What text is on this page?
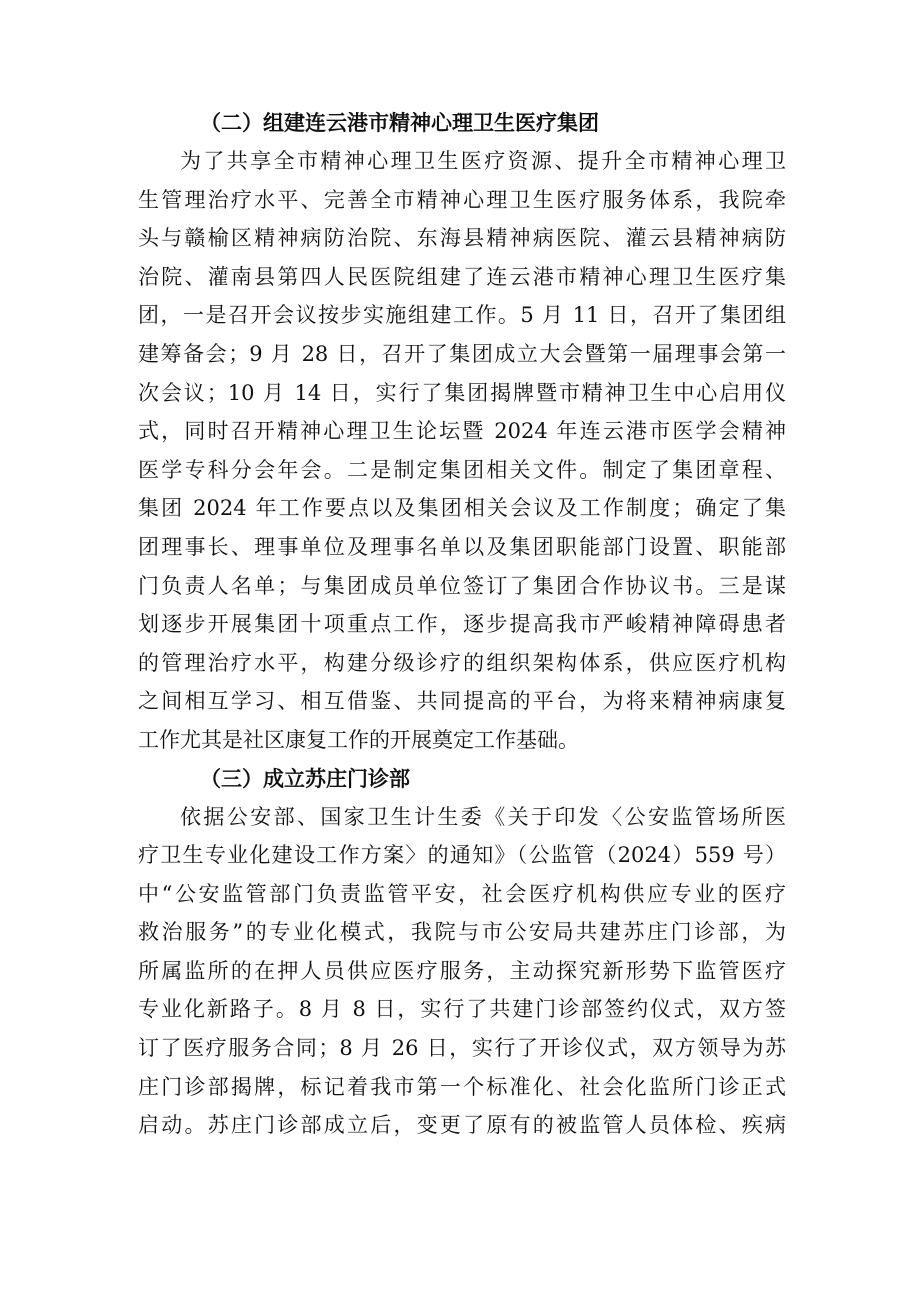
（二）组建连云港市精神心理卫生医疗集团
为了共享全市精神心理卫生医疗资源、提升全市精神心理卫
生管理治疗水平、完善全市精神心理卫生医疗服务体系，我院牵
头与赣榆区精神病防治院、东海县精神病医院、灌云县精神病防
治院、灌南县第四人民医院组建了连云港市精神心理卫生医疗集
团，一是召开会议按步实施组建工作。5 月 11 日，召开了集团组
建筹备会；9 月 28 日，召开了集团成立大会暨第一届理事会第一
次会议；10 月 14 日，实行了集团揭牌暨市精神卫生中心启用仪
式，同时召开精神心理卫生论坛暨 2024 年连云港市医学会精神
医学专科分会年会。二是制定集团相关文件。制定了集团章程、
集团 2024 年工作要点以及集团相关会议及工作制度；确定了集
团理事长、理事单位及理事名单以及集团职能部门设置、职能部
门负责人名单；与集团成员单位签订了集团合作协议书。三是谋
划逐步开展集团十项重点工作，逐步提高我市严峻精神障碍患者
的管理治疗水平，构建分级诊疗的组织架构体系，供应医疗机构
之间相互学习、相互借鉴、共同提高的平台，为将来精神病康复
工作尤其是社区康复工作的开展奠定工作基础。
（三）成立苏庄门诊部
依据公安部、国家卫生计生委《关于印发〈公安监管场所医
疗卫生专业化建设工作方案〉的通知》（公监管（2024）559 号）
中“公安监管部门负责监管平安，社会医疗机构供应专业的医疗
救治服务”的专业化模式，我院与市公安局共建苏庄门诊部，为
所属监所的在押人员供应医疗服务，主动探究新形势下监管医疗
专业化新路子。8 月 8 日，实行了共建门诊部签约仪式，双方签
订了医疗服务合同；8 月 26 日，实行了开诊仪式，双方领导为苏
庄门诊部揭牌，标记着我市第一个标准化、社会化监所门诊正式
启动。苏庄门诊部成立后，变更了原有的被监管人员体检、疾病
